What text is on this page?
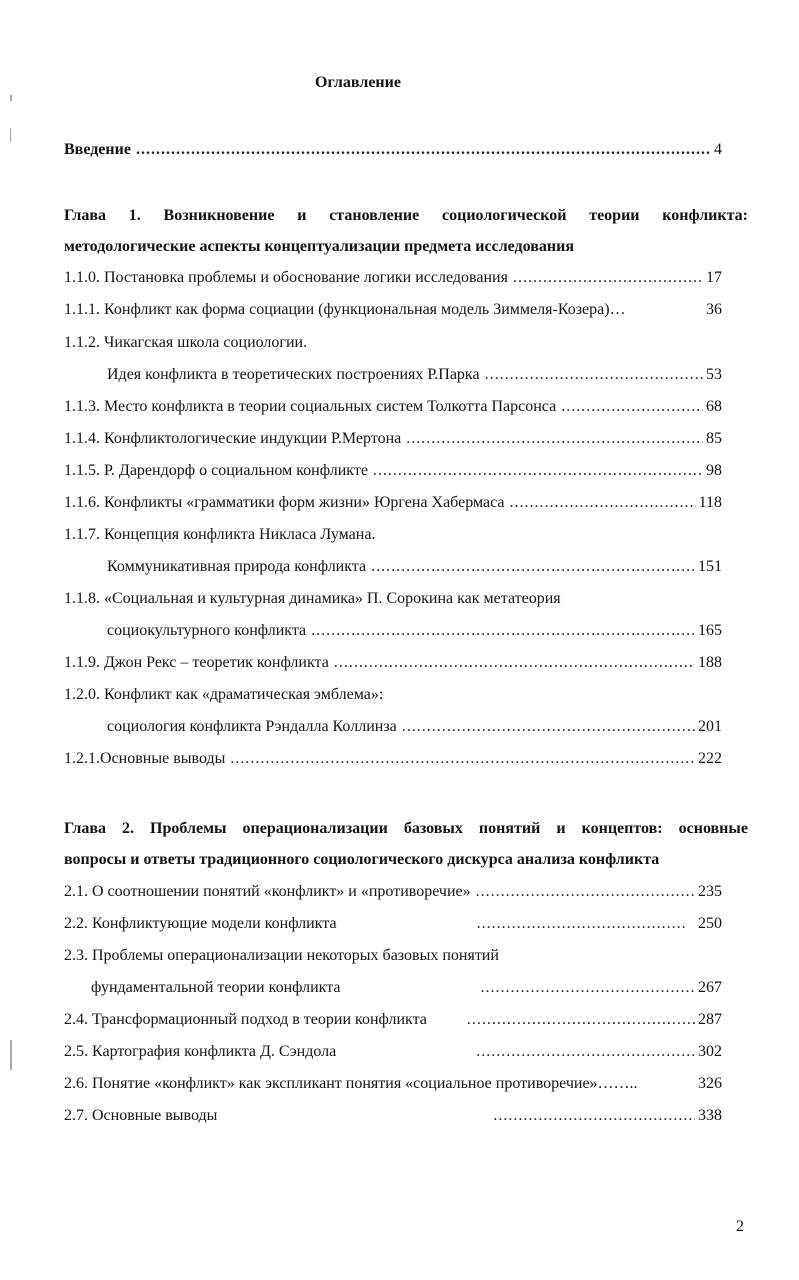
Оглавление
Введение .....	4
Глава 1. Возникновение и становление социологической теории конфликта:
методологические аспекты концептуализации предмета исследования
1.1.0. Постановка проблемы и обоснование логики исследования .....	17
1.1.1. Конфликт как форма социации (функциональная модель Зиммеля-Козера)…	36
1.1.2. Чикагская школа социологии.
Идея конфликта в теоретических построениях Р.Парка .....	53
1.1.3. Место конфликта в теории социальных систем Толкотта Парсонса .....	68
1.1.4. Конфликтологические индукции Р.Мертона .....	85
1.1.5. Р. Дарендорф о социальном конфликте .....	98
1.1.6. Конфликты «грамматики форм жизни» Юргена Хабермаса .....	118
1.1.7. Концепция конфликта Никласа Лумана.
Коммуникативная природа конфликта .....	151
1.1.8. «Социальная и культурная динамика» П. Сорокина как метатеория
социокультурного конфликта .....	165
1.1.9. Джон Рекс – теоретик конфликта .....	188
1.2.0. Конфликт как «драматическая эмблема»:
социология конфликта Рэндалла Коллинза .....	201
1.2.1.Основные выводы .....	222
Глава 2. Проблемы операционализации базовых понятий и концептов: основные
вопросы и ответы традиционного социологического дискурса анализа конфликта
2.1. О соотношении понятий «конфликт» и «противоречие» .....	235
2.2. Конфликтующие модели конфликта .....	250
2.3. Проблемы операционализации некоторых базовых понятий
фундаментальной теории конфликта .....	267
2.4. Трансформационный подход в теории конфликта .....	287
2.5. Картография конфликта Д. Сэндола .....	302
2.6. Понятие «конфликт» как экспликант понятия «социальное противоречие»……..	326
2.7. Основные выводы .....	338
2
